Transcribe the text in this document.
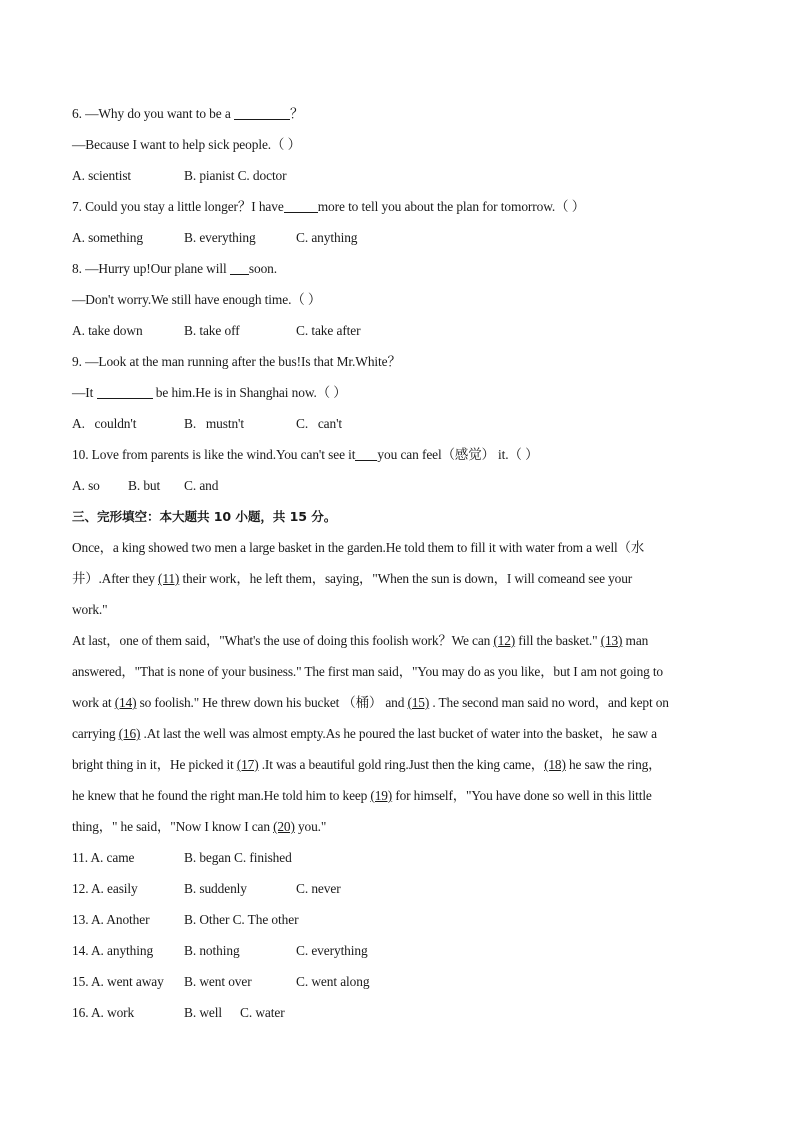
6. —Why do you want to be a	？
—Because I want to help sick people.（ ）
A. scientist	B. pianist C. doctor
7. Could you stay a little longer？I have	more to tell you about the plan for tomorrow.（ ）
A. something	B. everything	C. anything
8. —Hurry up!Our plane will soon.
—Don't worry.We still have enough time.（ ）
A. take down	B. take off	C. take after
9. —Look at the man running after the bus!Is that Mr.White？
—It	be him.He is in Shanghai now.（ ）
A.   couldn't	B.   mustn't	C.   can't
10. Love from parents is like the wind.You can't see it you can feel（感觉） it.（ ）
A. so B. but C. and
三、完形填空：本大题共 10 小题，共 15 分。
Once，a king showed two men a large basket in the garden.He told them to fill it with water from a well（水
井）.After they (11) their work，he left them，saying，"When the sun is down，I will comeand see your
work."
At last，one of them said，"What's the use of doing this foolish work？We can (12) fill the basket." (13) man
answered，"That is none of your business." The first man said，"You may do as you like，but I am not going to
work at (14) so foolish." He threw down his bucket （桶） and (15) . The second man said no word，and kept on
carrying (16) .At last the well was almost empty.As he poured the last bucket of water into the basket，he saw a
bright thing in it，He picked it (17) .It was a beautiful gold ring.Just then the king came，(18) he saw the ring，
he knew that he found the right man.He told him to keep (19) for himself，"You have done so well in this little
thing，" he said，"Now I know I can (20) you."
11. A. came	B. began C. finished
12. A. easily	B. suddenly	C. never
13. A. Another	B. Other C. The other
14. A. anything B. nothing	C. everything
15. A. went away B. went over	C. went along
16. A. work	B. well C. water
